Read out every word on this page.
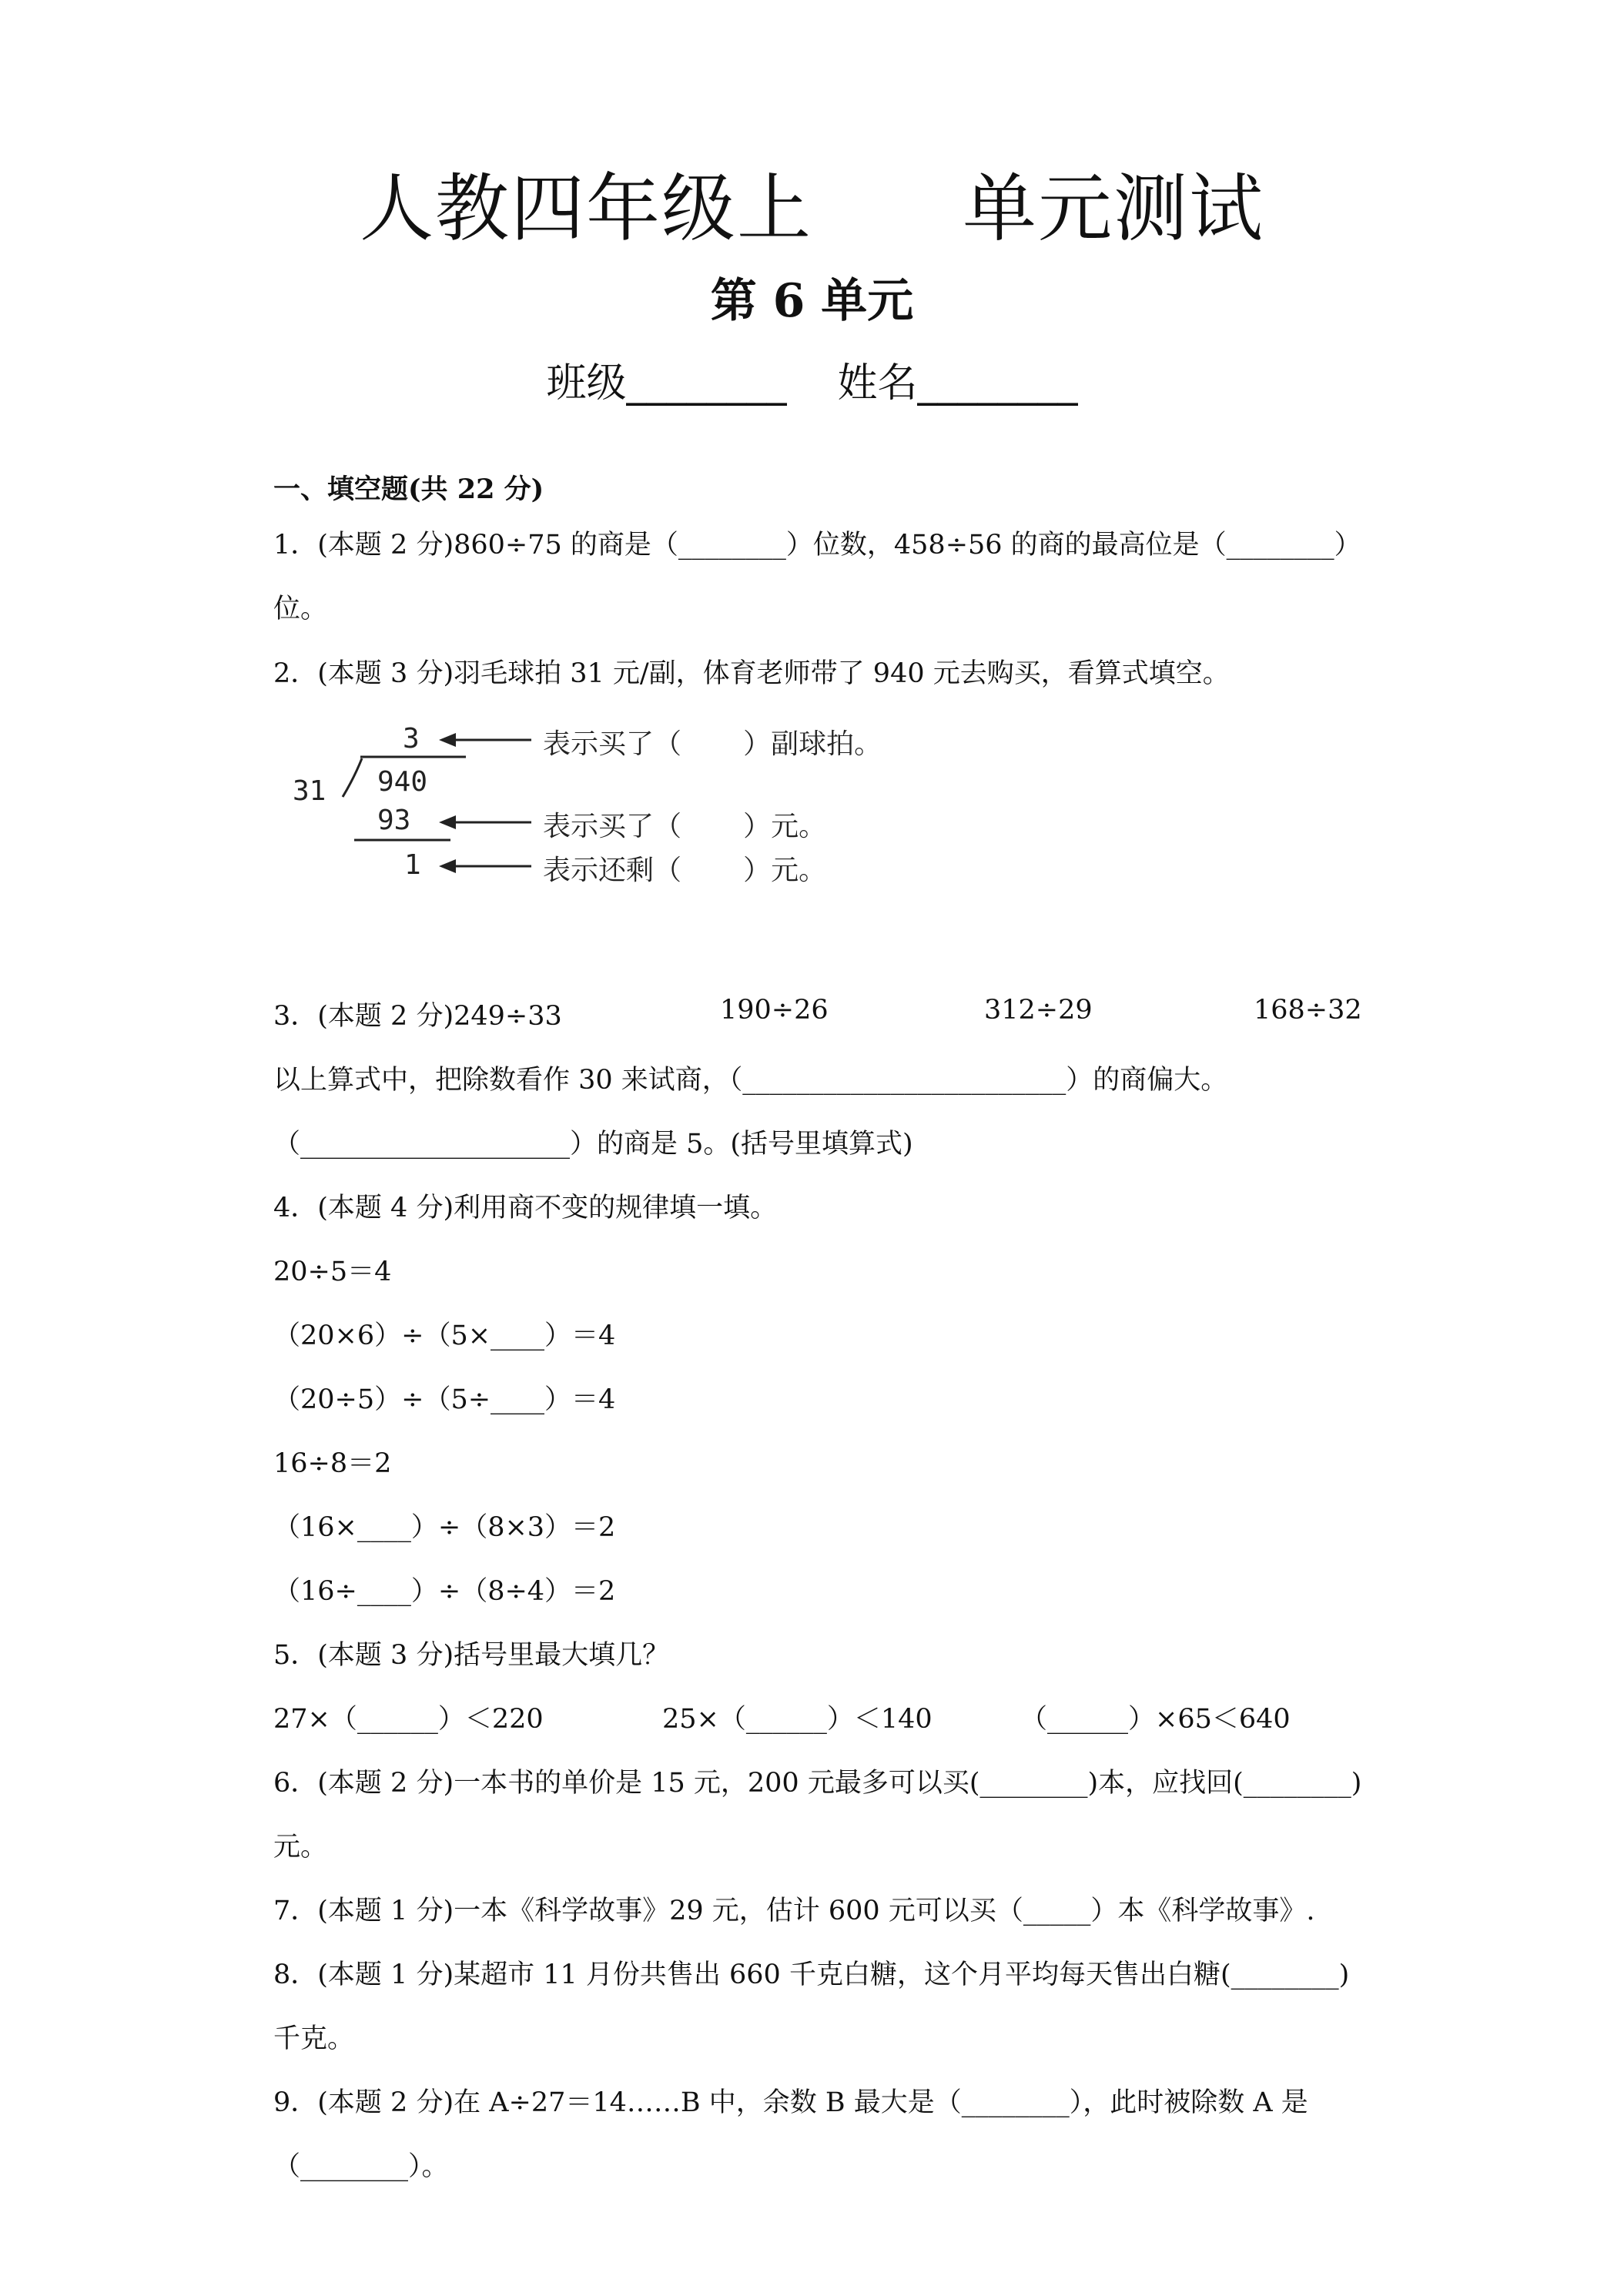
人教四年级上      单元测试
第 6 单元
班级________    姓名________
一、填空题(共 22 分)
1．(本题 2 分)860÷75 的商是（________）位数，458÷56 的商的最高位是（________）
位。
2．(本题 3 分)羽毛球拍 31 元/副，体育老师带了 940 元去购买，看算式填空。
3
31 940
93
1
表示买了（       ）副球拍。
表示买了（       ）元。
表示还剩（       ）元。
3．(本题 2 分)249÷33	190÷26	312÷29	168÷32
以上算式中，把除数看作 30 来试商，（________________________）的商偏大。
（____________________）的商是 5。(括号里填算式)
4．(本题 4 分)利用商不变的规律填一填。
20÷5＝4
（20×6）÷（5×____）＝4
（20÷5）÷（5÷____）＝4
16÷8＝2
（16×____）÷（8×3）＝2
（16÷____）÷（8÷4）＝2
5．(本题 3 分)括号里最大填几？
27×（______）＜220	25×（______）＜140	（______）×65＜640
6．(本题 2 分)一本书的单价是 15 元，200 元最多可以买(________)本，应找回(________)
元。
7．(本题 1 分)一本《科学故事》29 元，估计 600 元可以买（_____）本《科学故事》.
8．(本题 1 分)某超市 11 月份共售出 660 千克白糖，这个月平均每天售出白糖(________)
千克。
9．(本题 2 分)在 A÷27＝14……B 中，余数 B 最大是（________），此时被除数 A 是
（________）。
